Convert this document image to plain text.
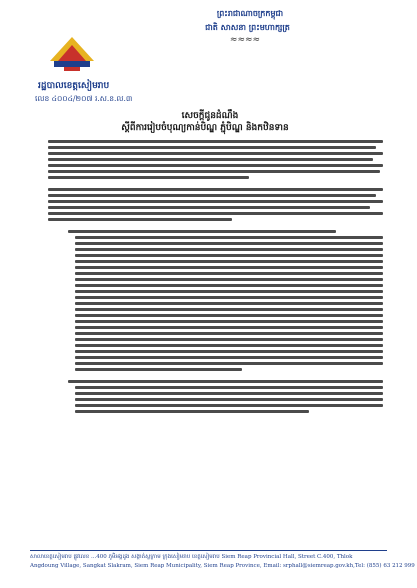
ព្រះរាជាណាចក្រកម្ពុជា
ជាតិ សាសនា ព្រះមហាក្សត្រ
≈≈≈≈
រដ្ឋបាលខេត្តសៀមរាប
លេខ ៤០០៤/២០៧ រ.ស.ន.ល.៣
សេចក្ដីជូនដំណឹង
ស្ដីពីការរៀបចំបុណ្យកាន់បិណ្ឌ ភ្ជុំបិណ្ឌ និងកឋិនទាន
សាលាខេត្តសៀមរាប ផ្លូវលេខ ...400 ភូមិអង្គដូង សង្កាត់ស្លក្រាម ក្រុងសៀមរាប ខេត្តសៀមរាប Siem Reap Provincial Hall, Street C.400, Thlok
Angdoung Village, Sangkat Slakram, Siem Reap Municipality, Siem Reap Province, Email: srphall@siemreap.gov.kh,Tel: (855) 63 212 999
